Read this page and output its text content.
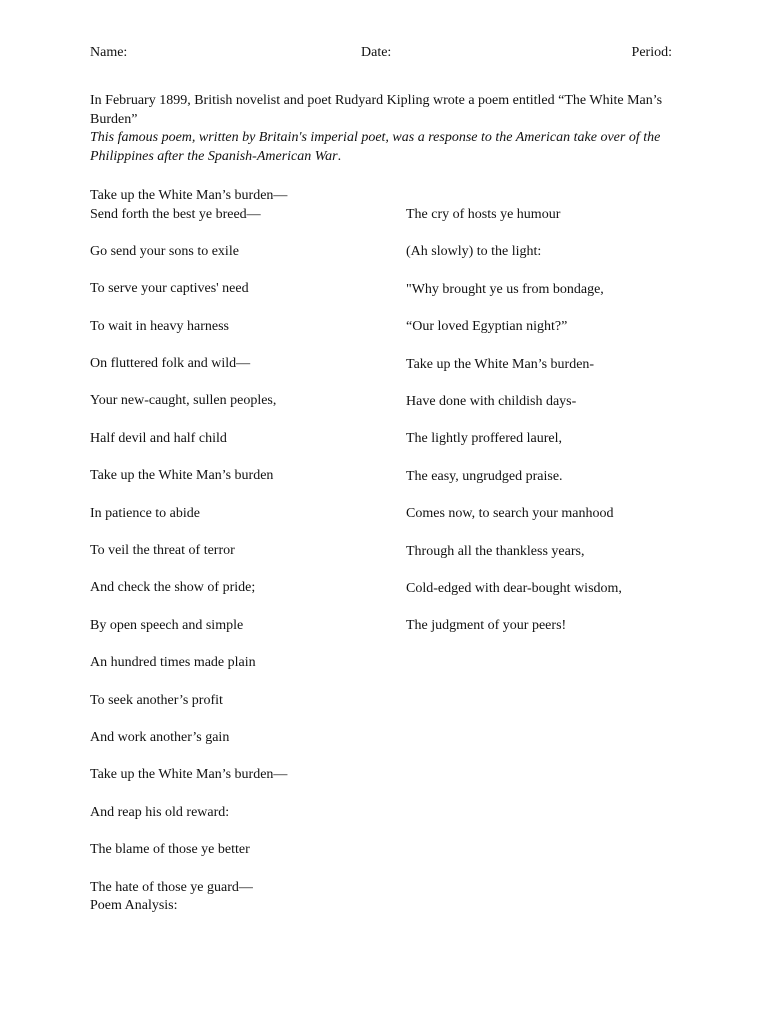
Name:	Date:	Period:

In February 1899, British novelist and poet Rudyard Kipling wrote a poem entitled “The White Man’s Burden”

This famous poem, written by Britain's imperial poet, was a response to the American take over of the Philippines after the Spanish-American War.

Take up the White Man’s burden—
Send forth the best ye breed—
Go send your sons to exile
To serve your captives' need
To wait in heavy harness
On fluttered folk and wild—
Your new-caught, sullen peoples,
Half devil and half child
Take up the White Man’s burden
In patience to abide
To veil the threat of terror
And check the show of pride;
By open speech and simple
An hundred times made plain
To seek another’s profit
And work another’s gain
Take up the White Man’s burden—
And reap his old reward:
The blame of those ye better
The hate of those ye guard—
Poem Analysis:
The cry of hosts ye humour
(Ah slowly) to the light:
"Why brought ye us from bondage,
“Our loved Egyptian night?”
Take up the White Man’s burden-
Have done with childish days-
The lightly proffered laurel,
The easy, ungrudged praise.
Comes now, to search your manhood
Through all the thankless years,
Cold-edged with dear-bought wisdom,
The judgment of your peers!
